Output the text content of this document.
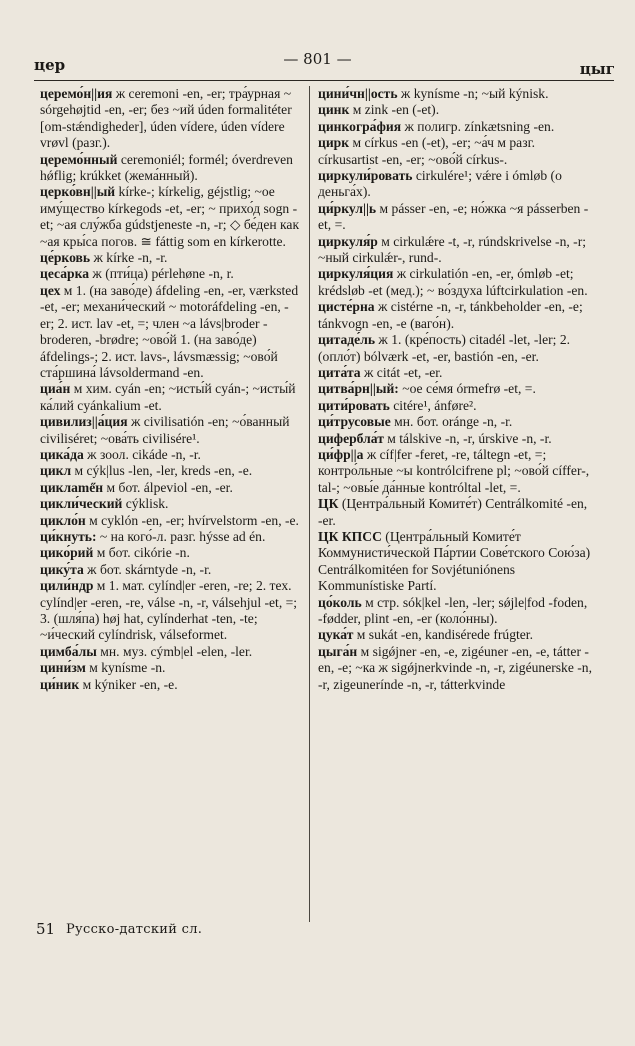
цер	— 801 —
цыг
церемо́н||ия ж ceremoni -en, -er; тра́урная ~ sórgehøjtid -en, -er; без ~ий úden formalitéter [om-stǽndigheder], úden vídere, úden vídere vrøvl (разг.).
церемо́нный ceremoniél; formél; óverdreven hǿflig; krúkket (жема́нный).
церко́вн||ый kírke-; kírkelig, géjstlig; ~ое иму́щество kírkegods -et, -er; ~ прихо́д sogn -et; ~ая слу́жба gúdstjeneste -n, -r; ◇ бе́ден как ~ая кры́са погов. ≅ fáttig som en kírkerotte.
це́рковь ж kírke -n, -r.
цеса́рка ж (пти́ца) pérlehøne -n, r.
цех м 1. (на заво́де) áfdeling -en, -er, værksted -et, -er; механи́ческий ~ motoráfdeling -en, -er; 2. ист. lav -et, =; член ~а lávs|broder -broderen, -brødre; ~ово́й 1. (на заво́де) áfdelings-; 2. ист. lavs-, lávsmæssig; ~ово́й ста́ршина́ lávsoldermand -en.
циа́н м хим. cyán -en; ~исты́й cyán-; ~исты́й ка́лий cyánkalium -et.
цивилиз||а́ция ж civilisatión -en; ~о́ванный civiliséret; ~ова́ть civilisére¹.
цика́да ж зоол. cikáde -n, -r.
цикл м cýk|lus -len, -ler, kreds -en, -e.
циклame̋н м бот. álpeviol -en, -er.
цикли́ческий cýklisk.
цикло́н м cyklón -en, -er; hvírvelstorm -en, -e.
ци́кнуть: ~ на кого́-л. разг. hýsse ad én.
цико́рий м бот. cikórie -n.
цику́та ж бот. skárntyde -n, -r.
цили́ндр м 1. мат. cylínd|er -eren, -re; 2. тех. cylínd|er -eren, -re, válse -n, -r, válsehjul -et, =; 3. (шля́па) høj hat, cylínderhat -ten, -te; ~и́ческий cylíndrisk, válseformet.
цимба́лы мн. муз. cýmb|el -elen, -ler.
цини́зм м kynísme -n.
ци́ник м kýniker -en, -e.
цини́чн||ость ж kynísme -n; ~ый kýnisk.
цинк м zink -en (-et).
цинкогра́фия ж полигр. zínkætsning -en.
цирк м církus -en (-et), -er; ~а́ч м разг. církusartist -en, -er; ~ово́й církus-.
циркули́ровать cirkulére¹; vǽre i ómløb (о деньга́х).
ци́ркул||ь м pásser -en, -e; но́жка ~я pásserben -et, =.
циркуля́р м cirkulǽre -t, -r, rúndskrivelse -n, -r; ~ный cirkulǽr-, rund-.
циркуля́ция ж cirkulatión -en, -er, ómløb -et; krédsløb -et (мед.); ~ во́здуха lúftcirkulation -en.
цисте́рна ж cistérne -n, -r, tánkbeholder -en, -e; tánkvogn -en, -e (ваго́н).
цитаде́ль ж 1. (кре́пость) citadél -let, -ler; 2. (опло́т) bólværk -et, -er, bastión -en, -er.
цита́та ж citát -et, -er.
цитва́рн||ый: ~ое се́мя órmefrø -et, =.
цити́ровать citére¹, ánføre².
ци́трусовые мн. бот. oránge -n, -r.
цифербла́т м tálskive -n, -r, úrskive -n, -r.
ци́фр||а ж cíf|fer -feret, -re, táltegn -et, =; контро́льные ~ы kontrólcifrene pl; ~ово́й cíffer-, tal-; ~овы́е да́нные kontróltal -let, =.
ЦК (Центра́льный Комите́т) Centrálkomité -en, -er.
ЦК КПСС (Центра́льный Комите́т Коммунисти́ческой Па́ртии Сове́тского Сою́за) Centrálkomitéen for Sovjétuniónens Kommunístiske Partí.
цо́коль м стр. sók|kel -len, -ler; sǿjle|fod -foden, -fødder, plint -en, -er (коло́нны).
цука́т м sukát -en, kandisérede frúgter.
цыга́н м sigǿjner -en, -e, zigéuner -en, -e, tátter -en, -e; ~ка ж sigǿjnerkvinde -n, -r, zigéunerske -n, -r, zigeunerínde -n, -r, tátterkvinde
51 Русско-датский сл.
